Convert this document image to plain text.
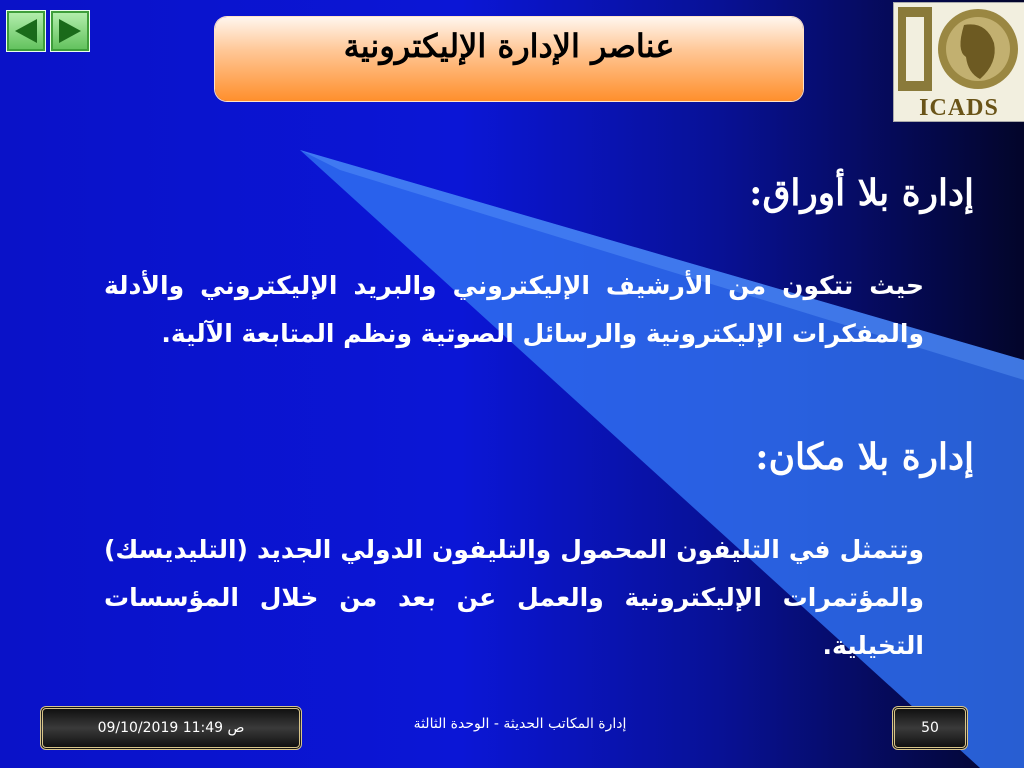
عناصر الإدارة الإليكترونية
ICADS
إدارة بلا أوراق:
حيث تتكون من الأرشيف الإليكتروني والبريد الإليكتروني والأدلة والمفكرات الإليكترونية والرسائل الصوتية ونظم المتابعة الآلية.
إدارة بلا مكان:
وتتمثل في التليفون المحمول والتليفون الدولي الجديد (التليديسك) والمؤتمرات الإليكترونية والعمل عن بعد من خلال المؤسسات التخيلية.
09/10/2019 11:49 ص	إدارة المكاتب الحديثة - الوحدة الثالثة	50
